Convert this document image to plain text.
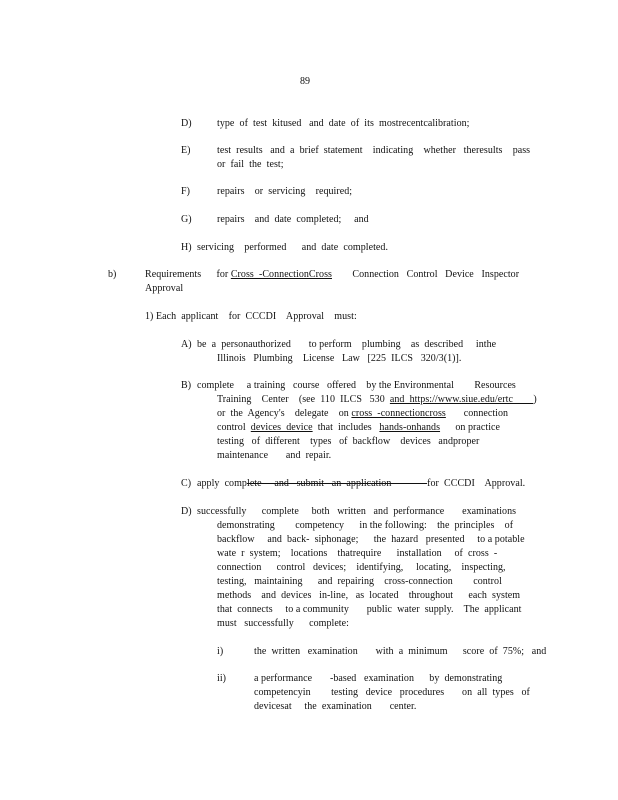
89
D)	type  of  test  kitused   and  date  of  its  mostrecentcalibration;
E)	test  results   and  a  brief  statement    indicating    whether   theresults    pass
or  fail  the  test;
F)	repairs    or  servicing    required;
G)	repairs    and  date  completed;     and
H) servicing    performed      and  date  completed.
b)	Requirements      for Cross  -ConnectionCross        Connection   Control   Device   Inspector
Approval
1) Each  applicant    for  CCCDI    Approval    must:
A) be  a  personauthorized       to perform    plumbing    as  described     inthe
Illinois   Plumbing    License   Law   [225  ILCS   320/3(1)].
B) complete     a training   course   offered    by the Environmental        Resources
Training    Center    (see  110  ILCS   530  and  https://www.siue.edu/ertc        )
or  the  Agency's    delegate    on cross  -connectioncross       connection
control  devices  device  that  includes   hands-onhands      on practice
testing   of  different    types   of  backflow    devices   andproper
maintenance       and  repair.
C) apply  complete     and   submit   an  application              for  CCCDI    Approval.
D) successfully      complete     both   written   and  performance       examinations
demonstrating        competency      in the following:    the  principles    of
backflow     and  back-  siphonage;      the  hazard   presented     to a potable
wate  r  system;    locations    thatrequire      installation     of  cross  -
connection      control   devices;    identifying,     locating,    inspecting,
testing,   maintaining      and  repairing    cross-connection        control
methods    and  devices   in-line,   as  located    throughout      each  system
that  connects     to a community       public  water  supply.    The  applicant
must   successfully      complete:
i)	the  written   examination       with  a  minimum      score  of  75%;   and
ii)	a performance       -based   examination      by  demonstrating
competencyin        testing   device   procedures       on  all  types   of
devicesat     the  examination       center.
